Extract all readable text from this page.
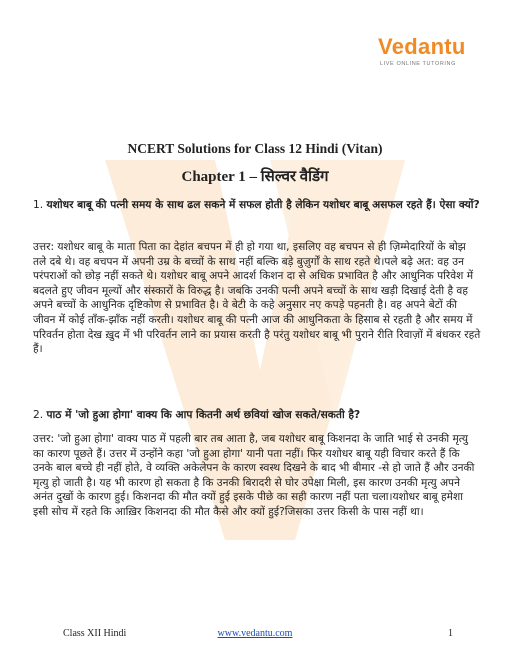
Vedantu
LIVE ONLINE TUTORING
NCERT Solutions for Class 12 Hindi (Vitan)
Chapter 1 – सिल्वर वैडिंग
1. यशोधर बाबू की पत्नी समय के साथ ढल सकने में सफल होती है लेकिन यशोधर बाबू असफल रहते हैं। ऐसा क्यों?
उत्तर: यशोधर बाबू के माता पिता का देहांत बचपन में ही हो गया था, इसलिए वह बचपन से ही ज़िम्मेदारियों के बोझ तले दबे थे। वह बचपन में अपनी उम्र के बच्चों के साथ नहीं बल्कि बड़े बुज़ुर्गों के साथ रहते थे।पले बढ़े अत: वह उन परंपराओं को छोड़ नहीं सकते थे। यशोधर बाबू अपने आदर्श किशन दा से अधिक प्रभावित है और आधुनिक परिवेश में बदलते हुए जीवन मूल्यों और संस्कारों के विरुद्ध है। जबकि उनकी पत्नी अपने बच्चों के साथ खड़ी दिखाई देती है वह अपने बच्चों के आधुनिक दृष्टिकोण से प्रभावित है। वे बेटी के कहे अनुसार नए कपड़े पहनती है। वह अपने बेटों की जीवन में कोई ताँक-झाँक नहीं करती। यशोधर बाबू की पत्नी आज की आधुनिकता के हिसाब से रहती है और समय में परिवर्तन होता देख ख़ुद में भी परिवर्तन लाने का प्रयास करती है परंतु यशोधर बाबू भी पुराने रीति रिवाज़ों में बंधकर रहते हैं।
2. पाठ में 'जो हुआ होगा' वाक्य कि आप कितनी अर्थ छवियां खोज सकते/सकती है?
उत्तर: 'जो हुआ होगा' वाक्य पाठ में पहली बार तब आता है, जब यशोधर बाबू किशनदा के जाति भाई से उनकी मृत्यु का कारण पूछते हैं। उत्तर में उन्होंने कहा 'जो हुआ होगा' यानी पता नहीं। फिर यशोधर बाबू यही विचार करते हैं कि उनके बाल बच्चे ही नहीं होते, वे व्यक्ति अकेलेपन के कारण स्वस्थ दिखने के बाद भी बीमार -से हो जाते हैं और उनकी मृत्यु हो जाती है। यह भी कारण हो सकता है कि उनकी बिरादरी से घोर उपेक्षा मिली, इस कारण उनकी मृत्यु अपने अनंत दुखों के कारण हुई। किशनदा की मौत क्यों हुई इसके पीछे का सही कारण नहीं पता चला।यशोधर बाबू हमेशा इसी सोच में रहते कि आख़िर किशनदा की मौत कैसे और क्यों हुई?जिसका उत्तर किसी के पास नहीं था।
Class XII Hindi	www.vedantu.com	1
